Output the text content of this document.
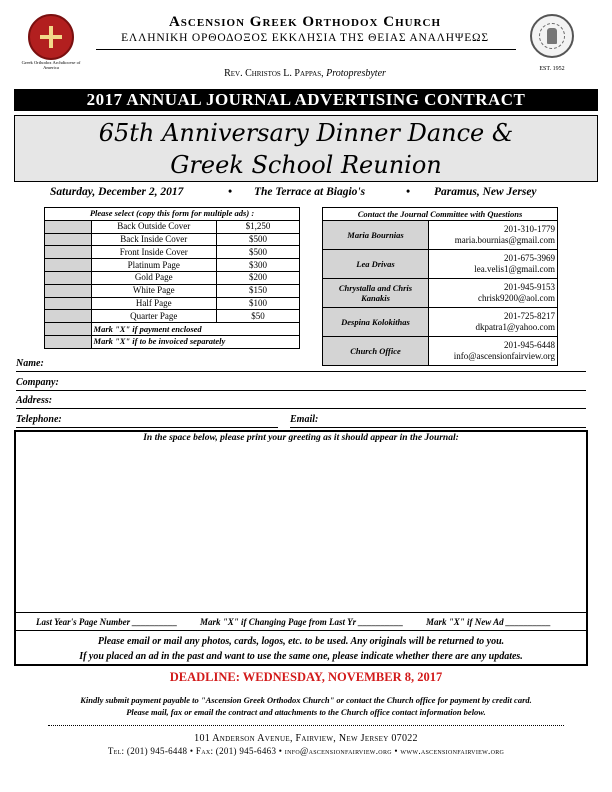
Greek Orthodox Archdiocese of America
Ascension Greek Orthodox Church
ΕΛΛΗΝΙΚΗ ΟΡΘΟΔΟΞΟΣ ΕΚΚΛΗΣΙΑ ΤΗΣ ΘΕΙΑΣ ΑΝΑΛΗΨΕΩΣ
Rev. Christos L. Pappas, Protopresbyter	EST. 1952
2017 ANNUAL JOURNAL ADVERTISING CONTRACT
65th Anniversary Dinner Dance &
Greek School Reunion
Saturday, December 2, 2017	• The Terrace at Biagio's	• Paramus, New Jersey
Please select (copy this form for multiple ads) :		
	Back Outside Cover	$1,250
	Back Inside Cover	$500
	Front Inside Cover	$500
	Platinum Page	$300
	Gold Page	$200
	White Page	$150
	Half Page	$100
	Quarter Page	$50
	Mark "X" if payment enclosed	
	Mark "X" if to be invoiced separately	
Contact the Journal Committee with Questions	
Maria Bournias	201-310-1779
maria.bournias@gmail.com

Lea Drivas	201-675-3969
lea.velis1@gmail.com

Chrystalla and Chris Kanakis	201-945-9153
chrisk9200@aol.com

Despina Kolokithas	201-725-8217
dkpatra1@yahoo.com

Church Office	201-945-6448
info@ascensionfairview.org
Name:
Company:
Address:
Telephone:	Email:
In the space below, please print your greeting as it should appear in the Journal:
Last Year's Page Number __________	Mark "X" if Changing Page from Last Yr __________	Mark "X" if New Ad __________
Please email or mail any photos, cards, logos, etc. to be used. Any originals will be returned to you.
If you placed an ad in the past and want to use the same one, please indicate whether there are any updates.
DEADLINE: WEDNESDAY, NOVEMBER 8, 2017
Kindly submit payment payable to "Ascension Greek Orthodox Church" or contact the Church office for payment by credit card.
Please mail, fax or email the contract and attachments to the Church office contact information below.
101 Anderson Avenue, Fairview, New Jersey 07022
Tel: (201) 945-6448 • Fax: (201) 945-6463 • info@ascensionfairview.org • www.ascensionfairview.org
